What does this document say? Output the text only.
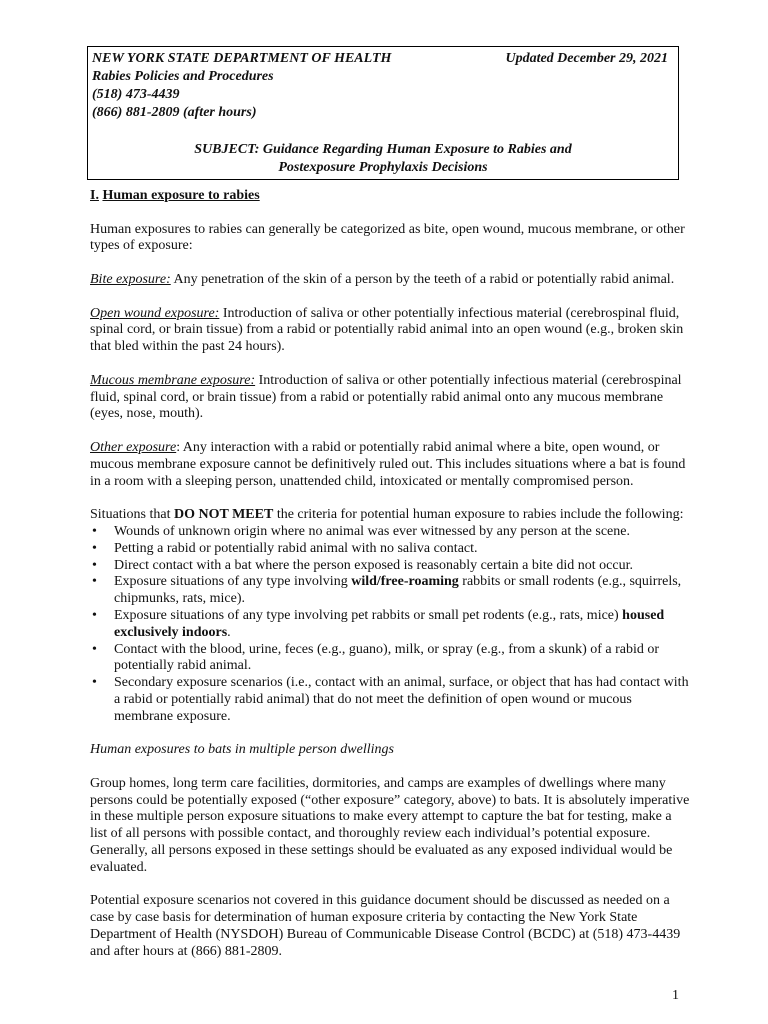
NEW YORK STATE DEPARTMENT OF HEALTH	Updated December 29, 2021
Rabies Policies and Procedures
(518) 473-4439
(866) 881-2809 (after hours)
SUBJECT: Guidance Regarding Human Exposure to Rabies and
Postexposure Prophylaxis Decisions

I. Human exposure to rabies

Human exposures to rabies can generally be categorized as bite, open wound, mucous membrane, or other types of exposure:

Bite exposure: Any penetration of the skin of a person by the teeth of a rabid or potentially rabid animal.

Open wound exposure: Introduction of saliva or other potentially infectious material (cerebrospinal fluid, spinal cord, or brain tissue) from a rabid or potentially rabid animal into an open wound (e.g., broken skin that bled within the past 24 hours).

Mucous membrane exposure: Introduction of saliva or other potentially infectious material (cerebrospinal fluid, spinal cord, or brain tissue) from a rabid or potentially rabid animal onto any mucous membrane (eyes, nose, mouth).

Other exposure: Any interaction with a rabid or potentially rabid animal where a bite, open wound, or mucous membrane exposure cannot be definitively ruled out. This includes situations where a bat is found in a room with a sleeping person, unattended child, intoxicated or mentally compromised person.

Situations that DO NOT MEET the criteria for potential human exposure to rabies include the following:

• Wounds of unknown origin where no animal was ever witnessed by any person at the scene.
• Petting a rabid or potentially rabid animal with no saliva contact.
• Direct contact with a bat where the person exposed is reasonably certain a bite did not occur.
• Exposure situations of any type involving wild/free-roaming rabbits or small rodents (e.g., squirrels, chipmunks, rats, mice).
• Exposure situations of any type involving pet rabbits or small pet rodents (e.g., rats, mice) housed exclusively indoors.
• Contact with the blood, urine, feces (e.g., guano), milk, or spray (e.g., from a skunk) of a rabid or potentially rabid animal.
• Secondary exposure scenarios (i.e., contact with an animal, surface, or object that has had contact with a rabid or potentially rabid animal) that do not meet the definition of open wound or mucous membrane exposure.

Human exposures to bats in multiple person dwellings

Group homes, long term care facilities, dormitories, and camps are examples of dwellings where many persons could be potentially exposed (“other exposure” category, above) to bats. It is absolutely imperative in these multiple person exposure situations to make every attempt to capture the bat for testing, make a list of all persons with possible contact, and thoroughly review each individual’s potential exposure. Generally, all persons exposed in these settings should be evaluated as any exposed individual would be evaluated.

Potential exposure scenarios not covered in this guidance document should be discussed as needed on a case by case basis for determination of human exposure criteria by contacting the New York State Department of Health (NYSDOH) Bureau of Communicable Disease Control (BCDC) at (518) 473-4439 and after hours at (866) 881-2809.

1
